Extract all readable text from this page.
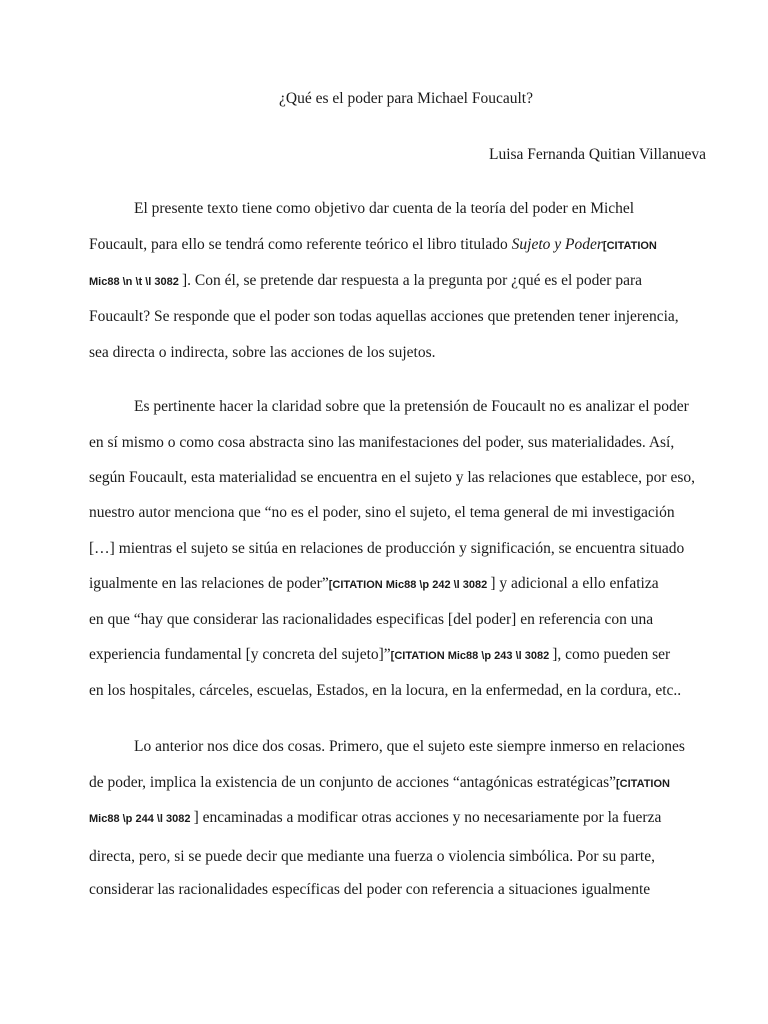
¿Qué es el poder para Michael Foucault?
Luisa Fernanda Quitian Villanueva
El presente texto tiene como objetivo dar cuenta de la teoría del poder en Michel
Foucault, para ello se tendrá como referente teórico el libro titulado Sujeto y Poder[CITATION
Mic88 \n \t \l 3082 ]. Con él, se pretende dar respuesta a la pregunta por ¿qué es el poder para
Foucault? Se responde que el poder son todas aquellas acciones que pretenden tener injerencia,
sea directa o indirecta, sobre las acciones de los sujetos.
Es pertinente hacer la claridad sobre que la pretensión de Foucault no es analizar el poder
en sí mismo o como cosa abstracta sino las manifestaciones del poder, sus materialidades. Así,
según Foucault, esta materialidad se encuentra en el sujeto y las relaciones que establece, por eso,
nuestro autor menciona que “no es el poder, sino el sujeto, el tema general de mi investigación
[…] mientras el sujeto se sitúa en relaciones de producción y significación, se encuentra situado
igualmente en las relaciones de poder”[CITATION Mic88 \p 242 \l 3082 ] y adicional a ello enfatiza
en que “hay que considerar las racionalidades especificas [del poder] en referencia con una
experiencia fundamental [y concreta del sujeto]”[CITATION Mic88 \p 243 \l 3082 ], como pueden ser
en los hospitales, cárceles, escuelas, Estados, en la locura, en la enfermedad, en la cordura, etc..
Lo anterior nos dice dos cosas. Primero, que el sujeto este siempre inmerso en relaciones
de poder, implica la existencia de un conjunto de acciones “antagónicas estratégicas”[CITATION
Mic88 \p 244 \l 3082 ] encaminadas a modificar otras acciones y no necesariamente por la fuerza
directa, pero, si se puede decir que mediante una fuerza o violencia simbólica. Por su parte,
considerar las racionalidades específicas del poder con referencia a situaciones igualmente
